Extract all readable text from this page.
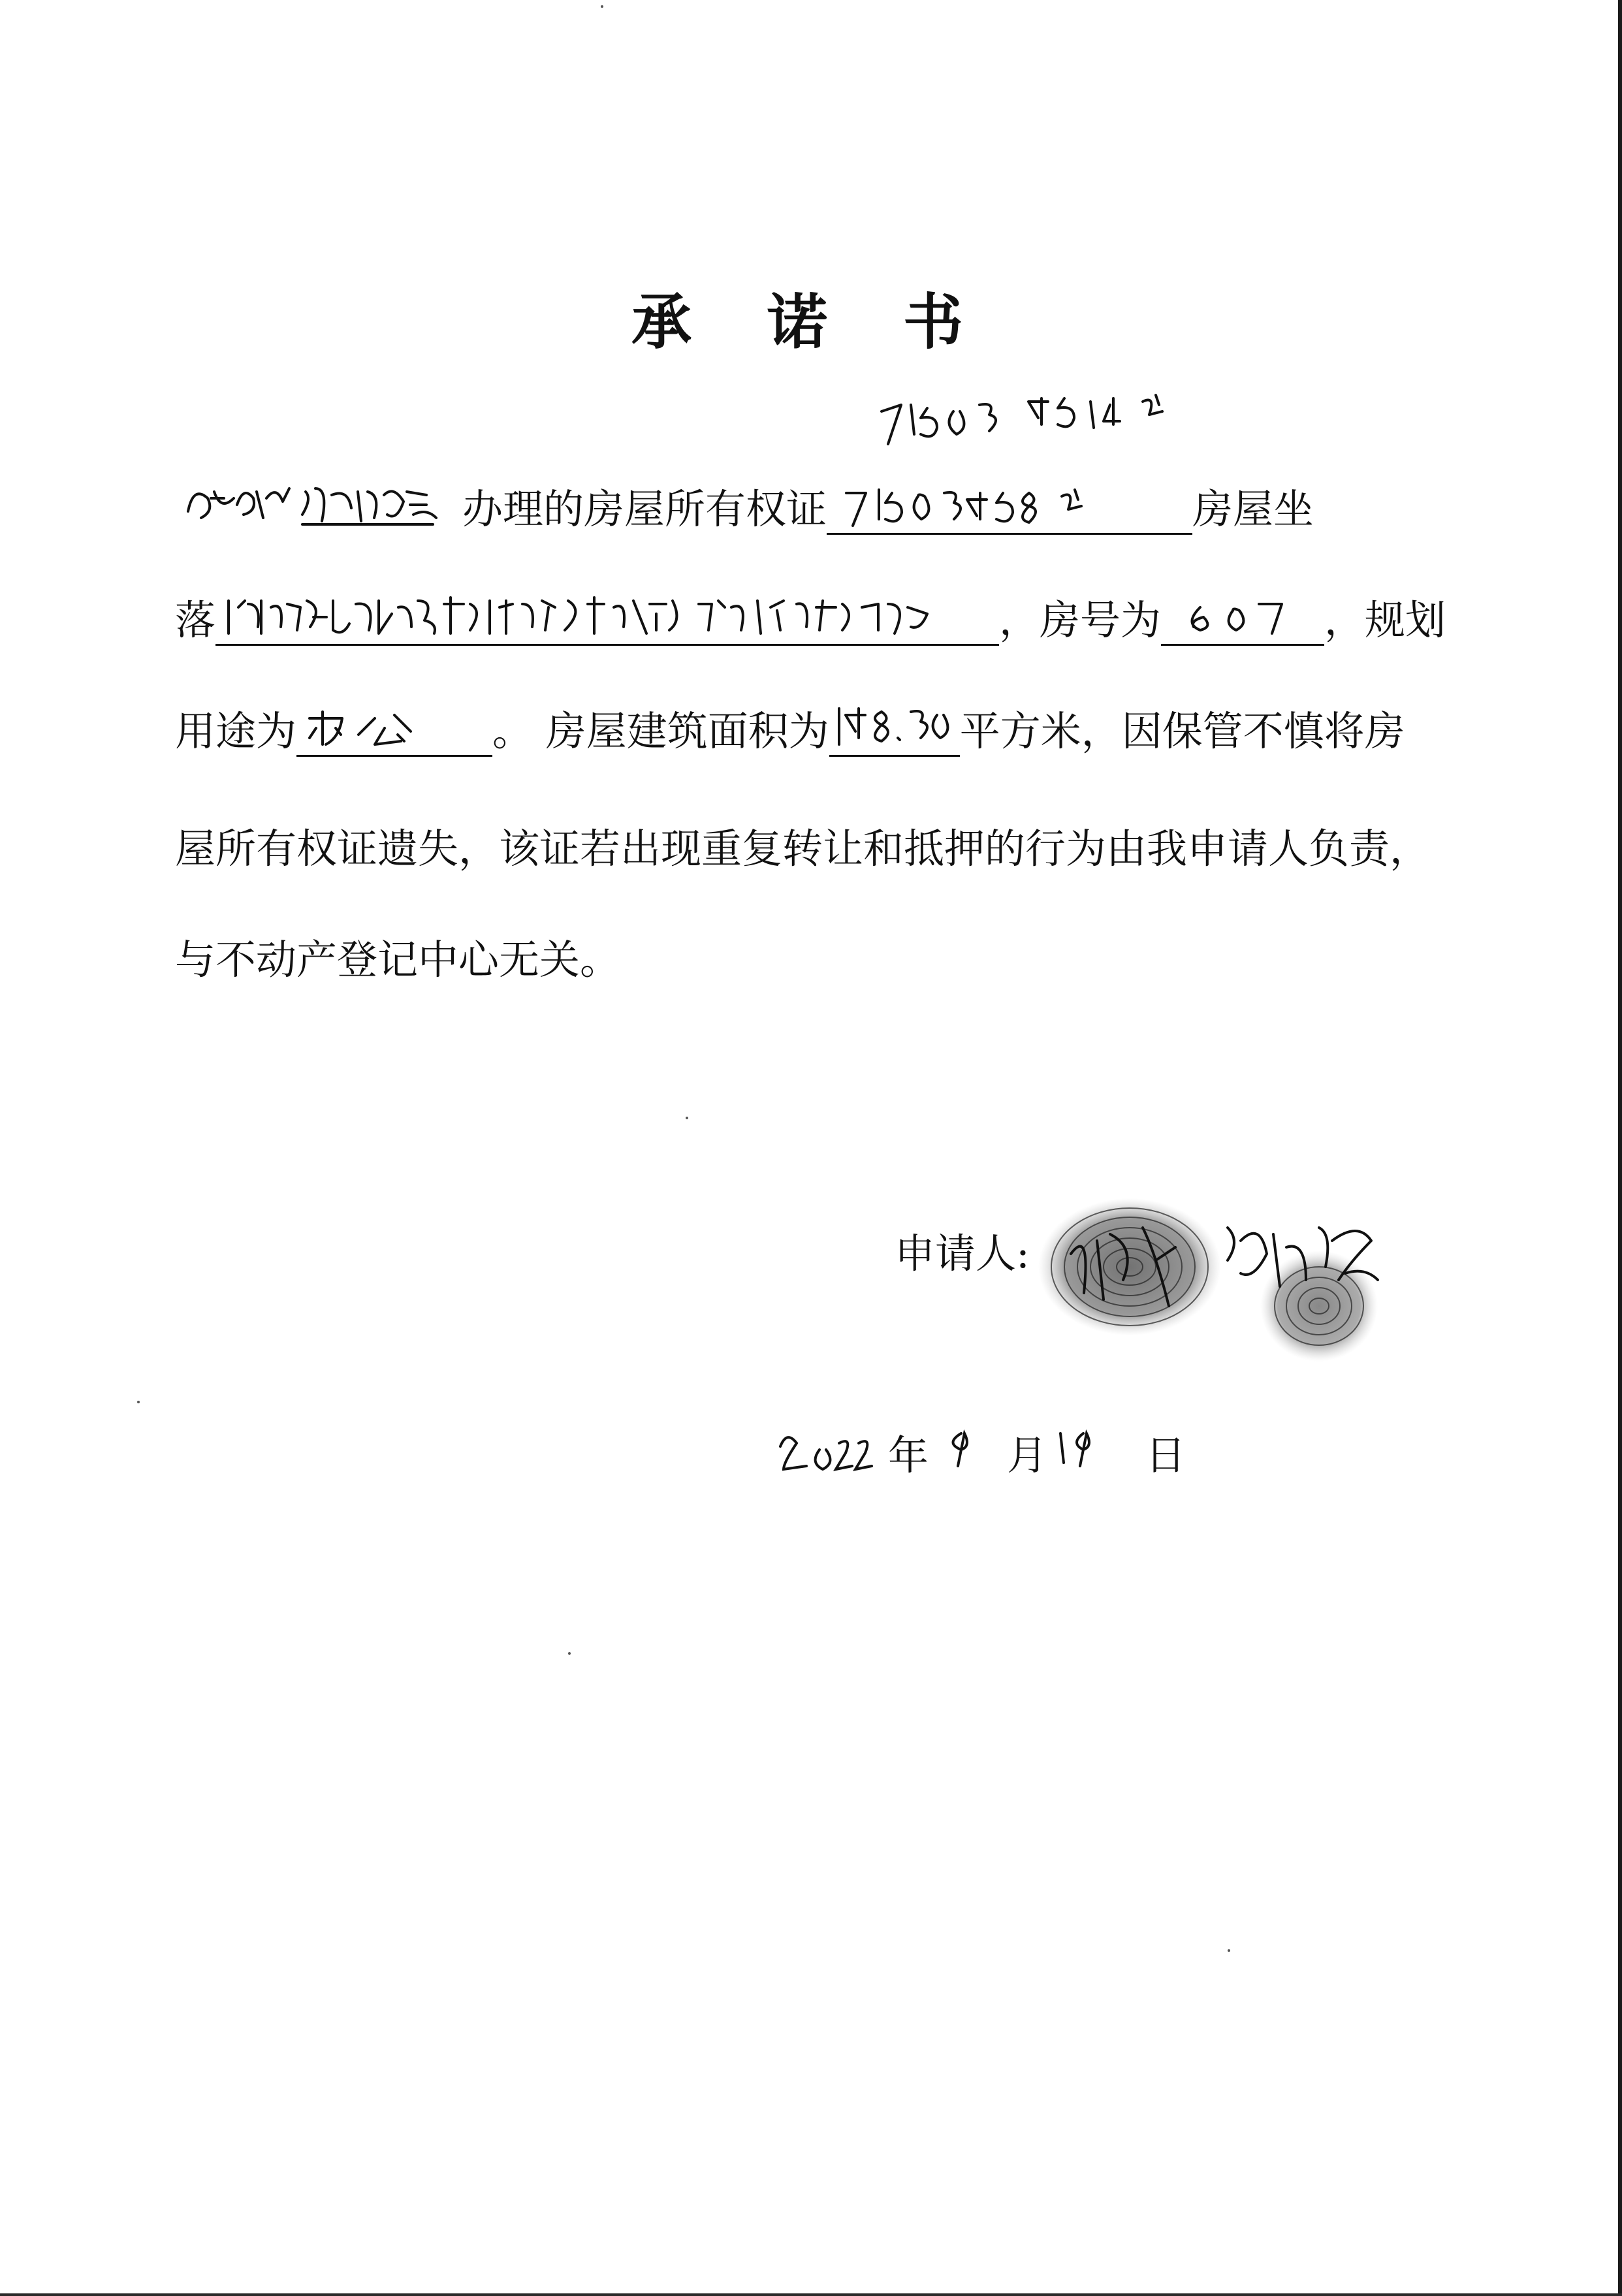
承 诺 书
办理的房屋所有权证	房屋坐
落	，房号为	，规划
用途为	。 房屋建筑面积为	平方米，因保管不慎将房
屋所有权证遗失，该证若出现重复转让和抵押的行为由我申请人负责，
与不动产登记中心无关。
申请人:
年 月 日
